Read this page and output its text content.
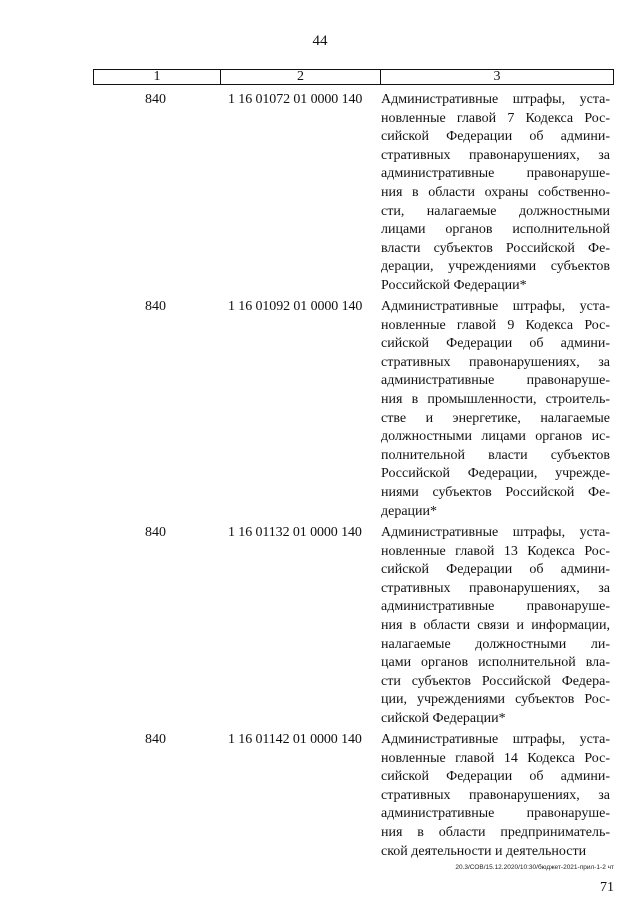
44
1	2	3
840	1 16 01072 01 0000 140 Административные штрафы, уста-
новленные главой 7 Кодекса Рос-
сийской Федерации об админи-
стративных правонарушениях, за
административные правонаруше-
ния в области охраны собственно-
сти, налагаемые должностными
лицами органов исполнительной
власти субъектов Российской Фе-
дерации, учреждениями субъектов
Российской Федерации*
840	1 16 01092 01 0000 140 Административные штрафы, уста-
новленные главой 9 Кодекса Рос-
сийской Федерации об админи-
стративных правонарушениях, за
административные правонаруше-
ния в промышленности, строитель-
стве и энергетике, налагаемые
должностными лицами органов ис-
полнительной власти субъектов
Российской Федерации, учрежде-
ниями субъектов Российской Фе-
дерации*
840	1 16 01132 01 0000 140 Административные штрафы, уста-
новленные главой 13 Кодекса Рос-
сийской Федерации об админи-
стративных правонарушениях, за
административные правонаруше-
ния в области связи и информации,
налагаемые должностными ли-
цами органов исполнительной вла-
сти субъектов Российской Федера-
ции, учреждениями субъектов Рос-
сийской Федерации*
840	1 16 01142 01 0000 140 Административные штрафы, уста-
новленные главой 14 Кодекса Рос-
сийской Федерации об админи-
стративных правонарушениях, за
административные правонаруше-
ния в области предприниматель-
ской деятельности и деятельности
20.3/СОВ/15.12.2020/10:30/бюджет-2021-прил-1-2 чт
71
